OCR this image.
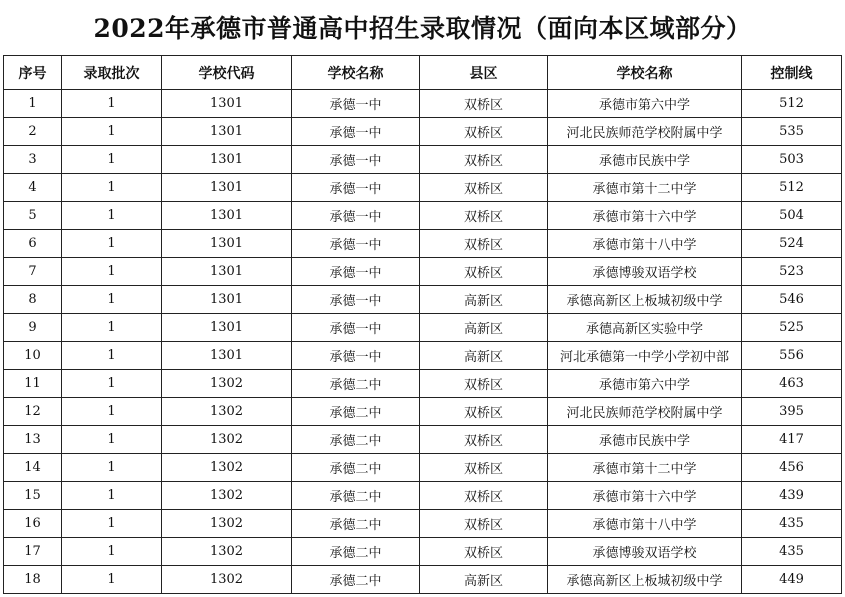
2022年承德市普通高中招生录取情况（面向本区域部分）
序号	录取批次	学校代码	学校名称	县区	学校名称	控制线
1	1	1301	承德一中	双桥区	承德市第六中学	512
2	1	1301	承德一中	双桥区	河北民族师范学校附属中学	535
3	1	1301	承德一中	双桥区	承德市民族中学	503
4	1	1301	承德一中	双桥区	承德市第十二中学	512
5	1	1301	承德一中	双桥区	承德市第十六中学	504
6	1	1301	承德一中	双桥区	承德市第十八中学	524
7	1	1301	承德一中	双桥区	承德博骏双语学校	523
8	1	1301	承德一中	高新区	承德高新区上板城初级中学	546
9	1	1301	承德一中	高新区	承德高新区实验中学	525
10	1	1301	承德一中	高新区	河北承德第一中学小学初中部	556
11	1	1302	承德二中	双桥区	承德市第六中学	463
12	1	1302	承德二中	双桥区	河北民族师范学校附属中学	395
13	1	1302	承德二中	双桥区	承德市民族中学	417
14	1	1302	承德二中	双桥区	承德市第十二中学	456
15	1	1302	承德二中	双桥区	承德市第十六中学	439
16	1	1302	承德二中	双桥区	承德市第十八中学	435
17	1	1302	承德二中	双桥区	承德博骏双语学校	435
18	1	1302	承德二中	高新区	承德高新区上板城初级中学	449
